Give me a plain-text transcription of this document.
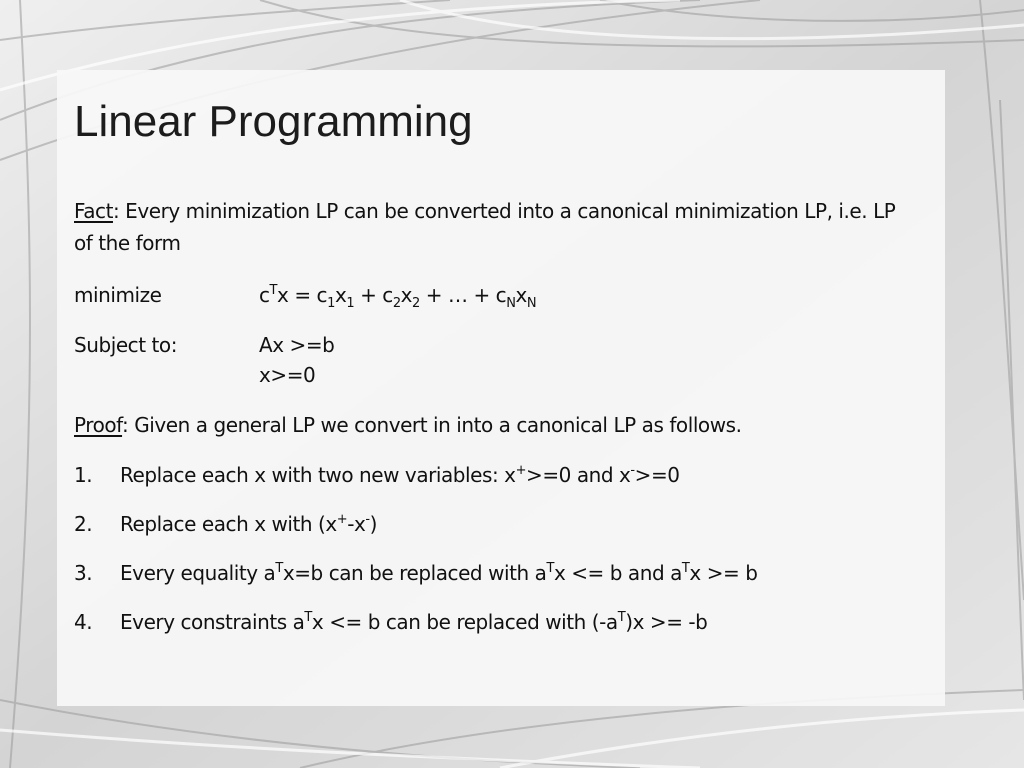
Linear Programming
Fact: Every minimization LP can be converted into a canonical minimization LP, i.e. LP
of the form
minimize	$c^Tx = c_1x_1 + c_2x_2$ + … + $c_Nx_N$
Subject to:	Ax >=b
x>=0
Proof: Given a general LP we convert in into a canonical LP as follows.
1. Replace each x with two new variables: x+>=0 and x->=0
2. Replace each x with (x+-x-)
3. Every equality $a^Tx=b$ can be replaced with $a^Tx <= b$ and $a^Tx >= b$
4. Every constraints $a^Tx <= b$ can be replaced with $(-a^T)x >= -b$
